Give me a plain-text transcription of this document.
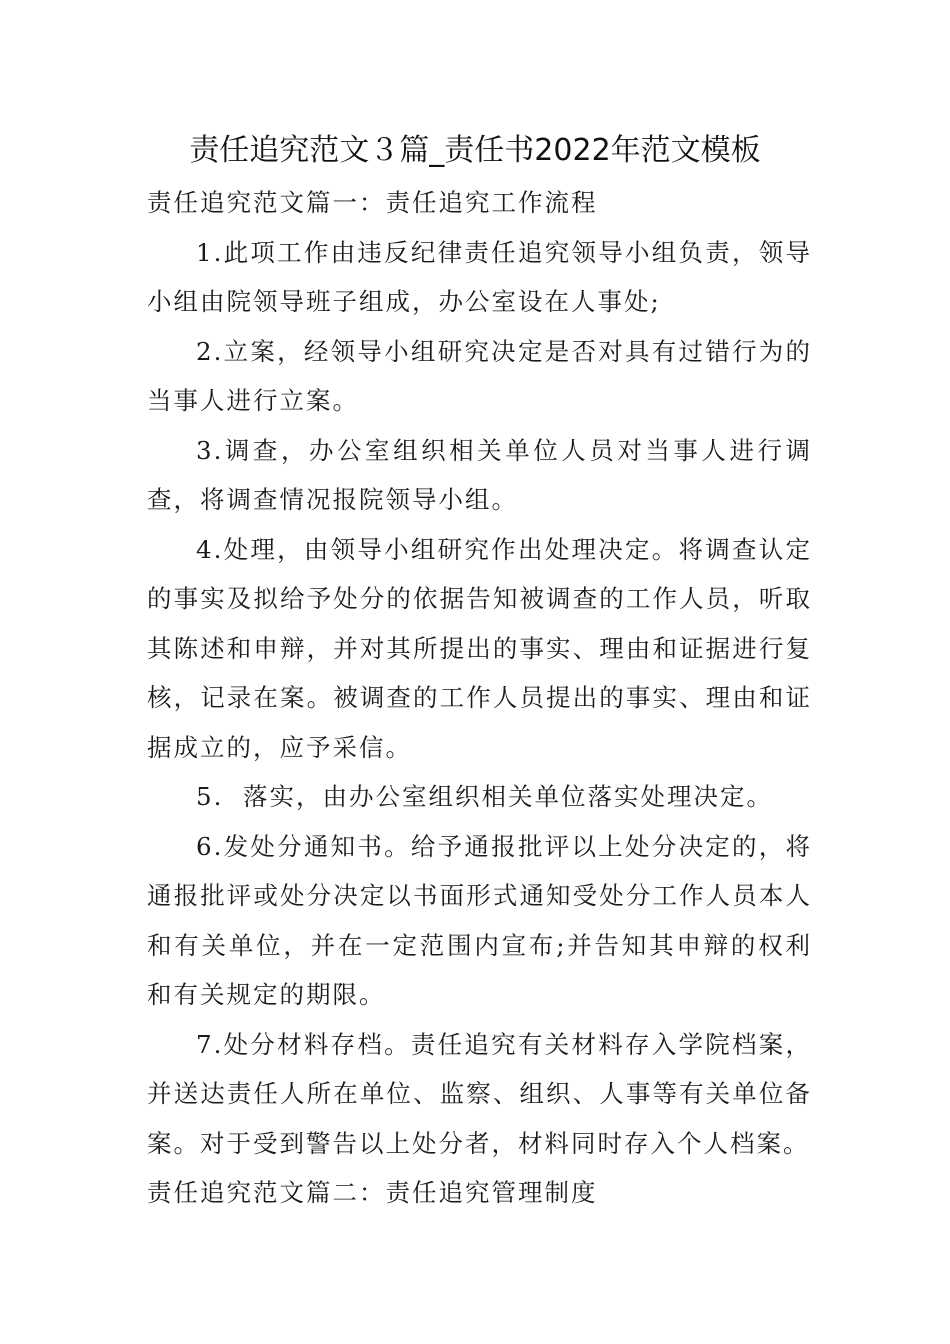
责任追究范文３篇_责任书2022年范文模板

责任追究范文篇一：责任追究工作流程

1.此项工作由违反纪律责任追究领导小组负责，领导小组由院领导班子组成，办公室设在人事处;

2.立案，经领导小组研究决定是否对具有过错行为的当事人进行立案。

3.调查，办公室组织相关单位人员对当事人进行调查，将调查情况报院领导小组。

4.处理，由领导小组研究作出处理决定。将调查认定的事实及拟给予处分的依据告知被调查的工作人员，听取其陈述和申辩，并对其所提出的事实、理由和证据进行复核，记录在案。被调查的工作人员提出的事实、理由和证据成立的，应予采信。

5.  落实，由办公室组织相关单位落实处理决定。

6.发处分通知书。给予通报批评以上处分决定的，将通报批评或处分决定以书面形式通知受处分工作人员本人和有关单位，并在一定范围内宣布;并告知其申辩的权利和有关规定的期限。

7.处分材料存档。责任追究有关材料存入学院档案，并送达责任人所在单位、监察、组织、人事等有关单位备案。对于受到警告以上处分者，材料同时存入个人档案。

责任追究范文篇二：责任追究管理制度
